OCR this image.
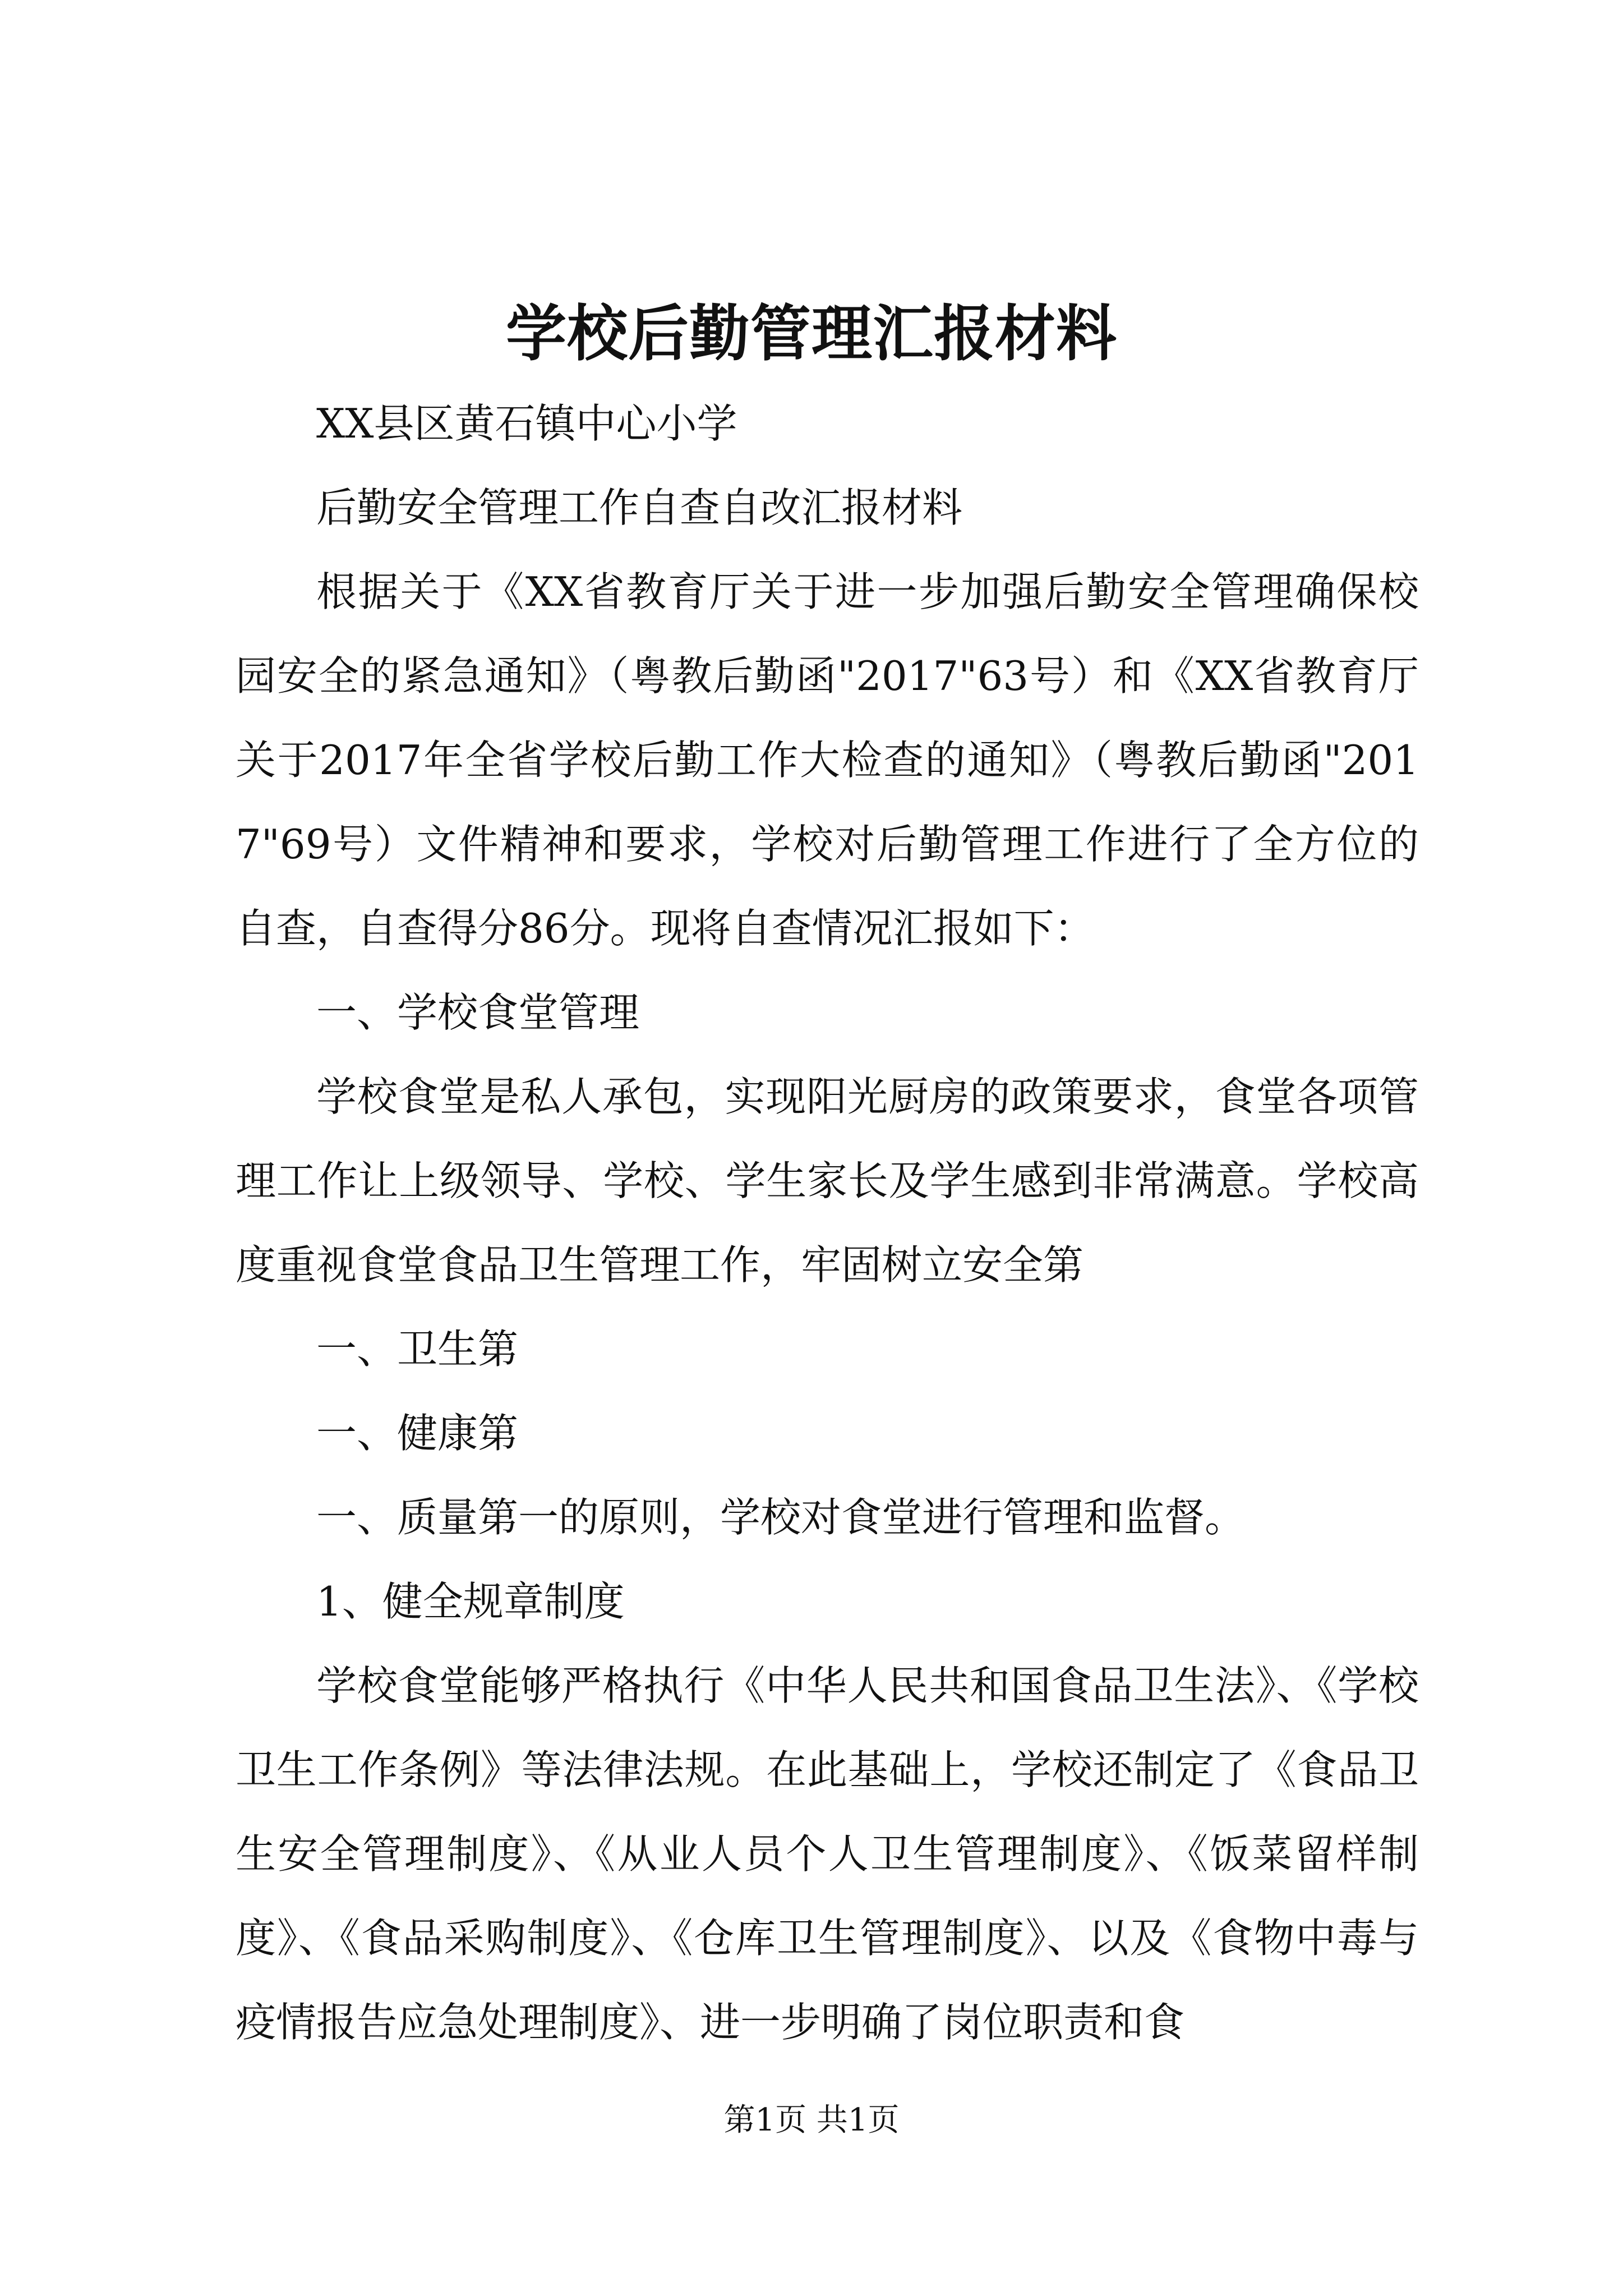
学校后勤管理汇报材料

XX县区黄石镇中心小学

后勤安全管理工作自查自改汇报材料

根据关于《XX省教育厅关于进一步加强后勤安全管理确保校园安全的紧急通知》（粤教后勤函"2017"63号）和《XX省教育厅关于2017年全省学校后勤工作大检查的通知》（粤教后勤函"2017"69号）文件精神和要求，学校对后勤管理工作进行了全方位的自查，自查得分86分。现将自查情况汇报如下：

一、学校食堂管理

学校食堂是私人承包，实现阳光厨房的政策要求，食堂各项管理工作让上级领导、学校、学生家长及学生感到非常满意。学校高度重视食堂食品卫生管理工作，牢固树立安全第

一、卫生第

一、健康第

一、质量第一的原则，学校对食堂进行管理和监督。

1、健全规章制度

学校食堂能够严格执行《中华人民共和国食品卫生法》、《学校卫生工作条例》等法律法规。在此基础上，学校还制定了《食品卫生安全管理制度》、《从业人员个人卫生管理制度》、《饭菜留样制度》、《食品采购制度》、《仓库卫生管理制度》、以及《食物中毒与疫情报告应急处理制度》、进一步明确了岗位职责和食

第1页 共1页
